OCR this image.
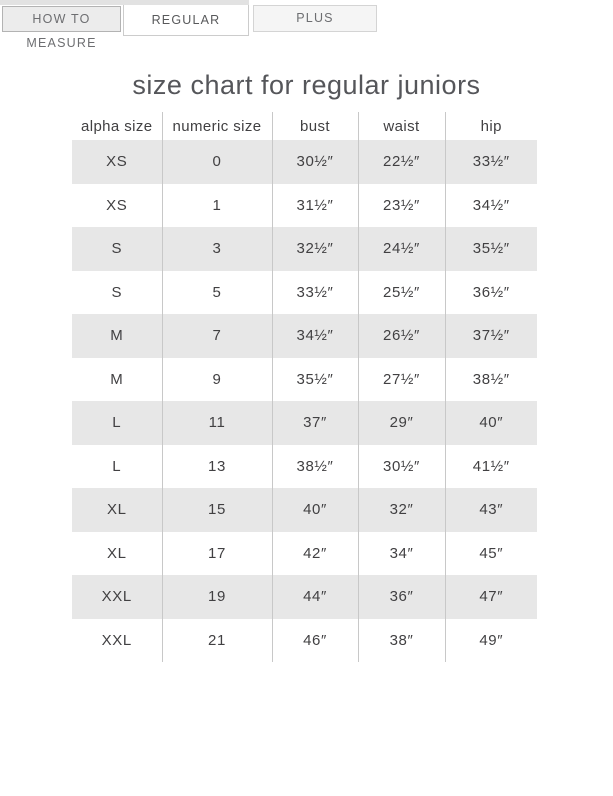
HOW TO MEASURE
REGULAR	PLUS
size chart for regular juniors
alpha size	numeric size	bust	waist	hip
XS	0	30½″	22½″	33½″
XS	1	31½″	23½″	34½″
S	3	32½″	24½″	35½″
S	5	33½″	25½″	36½″
M	7	34½″	26½″	37½″
M	9	35½″	27½″	38½″
L	11	37″	29″	40″
L	13	38½″	30½″	41½″
XL	15	40″	32″	43″
XL	17	42″	34″	45″
XXL	19	44″	36″	47″
XXL	21	46″	38″	49″
